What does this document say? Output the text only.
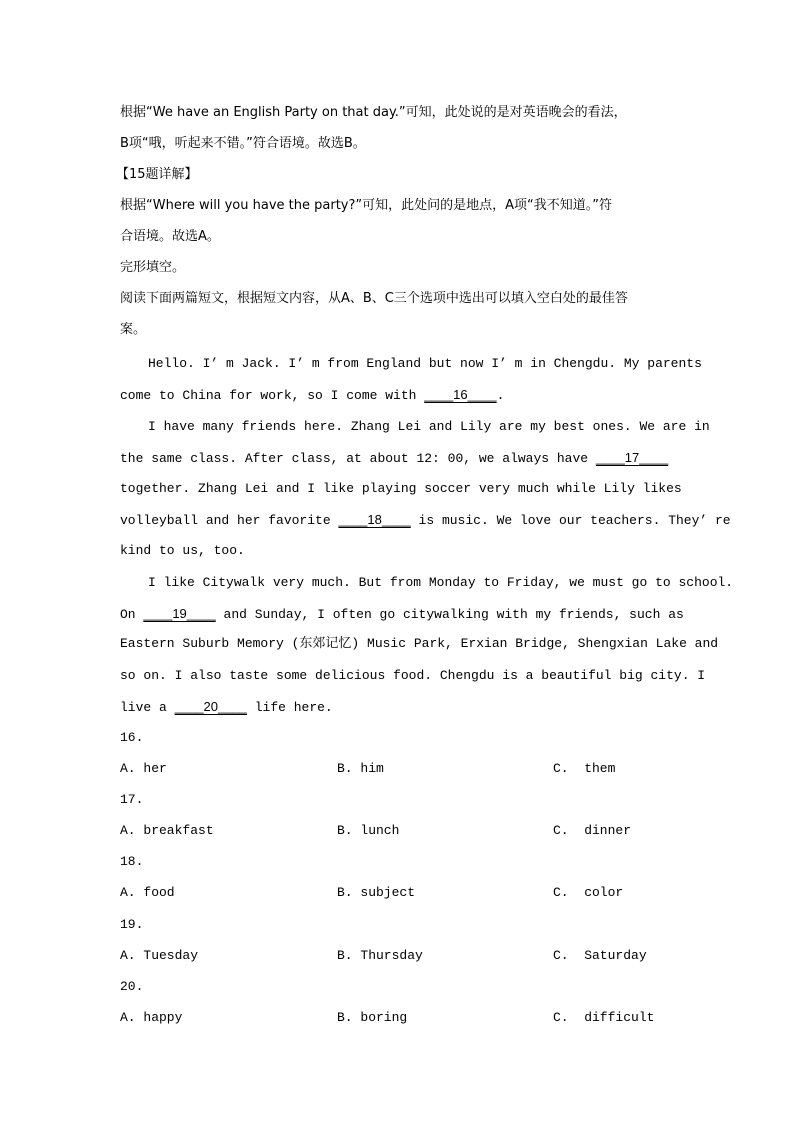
根据“We have an English Party on that day.”可知，此处说的是对英语晚会的看法，
B项“哦，听起来不错。”符合语境。故选B。
【15题详解】
根据“Where will you have the party?”可知，此处问的是地点，A项“我不知道。”符
合语境。故选A。
完形填空。
阅读下面两篇短文，根据短文内容，从A、B、C三个选项中选出可以填入空白处的最佳答
案。
Hello. I’ m Jack. I’ m from England but now I’ m in Chengdu. My parents
come to China for work, so I come with ____16____.
I have many friends here. Zhang Lei and Lily are my best ones. We are in
the same class. After class, at about 12: 00, we always have ____17____
together. Zhang Lei and I like playing soccer very much while Lily likes
volleyball and her favorite ____18____ is music. We love our teachers. They’ re
kind to us, too.
I like Citywalk very much. But from Monday to Friday, we must go to school.
On ____19____ and Sunday, I often go citywalking with my friends, such as
Eastern Suburb Memory (东郊记忆) Music Park, Erxian Bridge, Shengxian Lake and
so on. I also taste some delicious food. Chengdu is a beautiful big city. I
live a ____20____ life here.
16.
A. her	B. him	C.  them
17.
A. breakfast	B. lunch	C.  dinner
18.
A. food	B. subject	C.  color
19.
A. Tuesday	B. Thursday	C.  Saturday
20.
A. happy	B. boring	C.  difficult
